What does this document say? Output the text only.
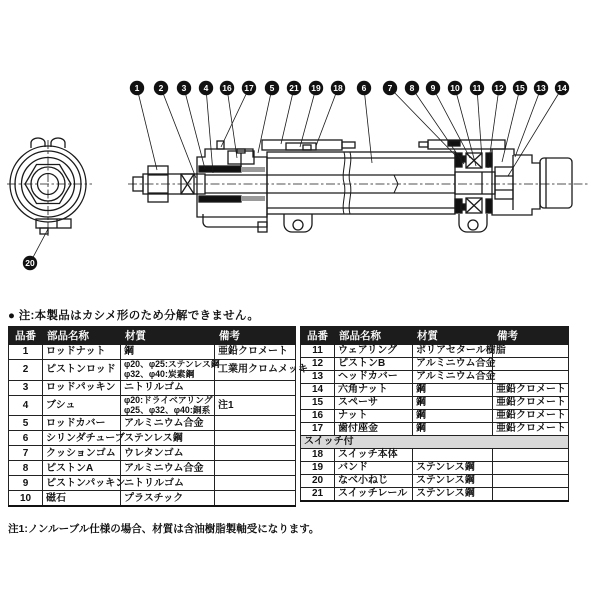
1 2 3 4 16 17 5 21 19 18 6	7 8 9 10 11 12 15 13 14
20
● 注:本製品はカシメ形のため分解できません。
品番	部品名称	材質	備考
1	ロッドナット	鋼	亜鉛クロメート
2	ピストンロッド	φ20、φ25:ステンレス鋼
φ32、φ40:炭素鋼	工業用クロムメッキ
3	ロッドパッキン	ニトリルゴム	

4	ブシュ	φ20:ドライベアリング
φ25、φ32、φ40:銅系	注1
5	ロッドカバー	アルミニウム合金	

6	シリンダチューブ	ステンレス鋼	

7	クッションゴム	ウレタンゴム	

8	ピストンA	アルミニウム合金	

9	ピストンパッキン	ニトリルゴム	

10	磁石	プラスチック	

品番	部品名称	材質	備考
11	ウェアリング	ポリアセタール樹脂	

12	ピストンB	アルミニウム合金	

13	ヘッドカバー	アルミニウム合金	

14	六角ナット	鋼	亜鉛クロメート
15	スペーサ	鋼	亜鉛クロメート
16	ナット	鋼	亜鉛クロメート
17	歯付座金	鋼	亜鉛クロメート
スイッチ付			
18	スイッチ本体	

19	バンド	ステンレス鋼	

20	なべ小ねじ	ステンレス鋼	

21	スイッチレール	ステンレス鋼	

注1:ノンルーブル仕様の場合、材質は含油樹脂製軸受になります。
